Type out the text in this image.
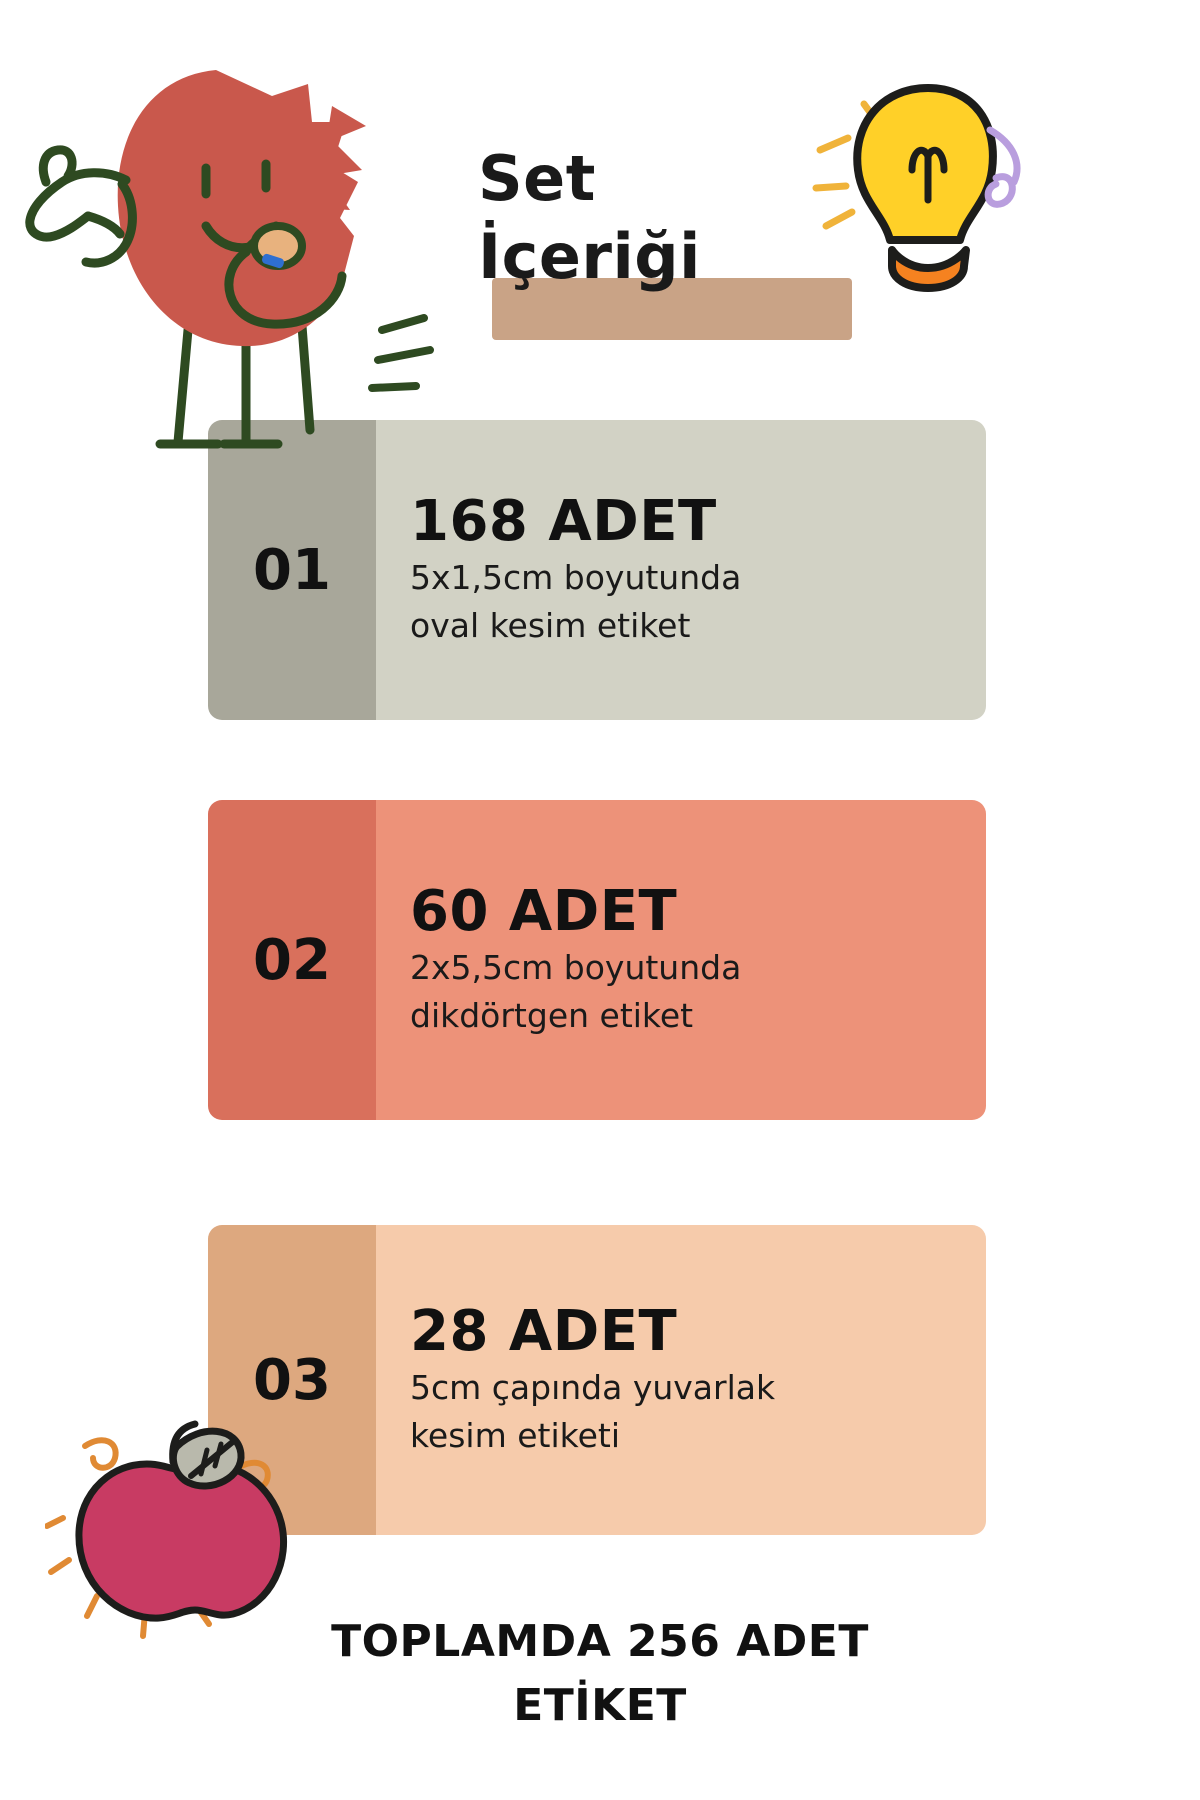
Set
İçeriği
01
168 ADET
5x1,5cm boyutunda
oval kesim etiket
02
60 ADET
2x5,5cm boyutunda
dikdörtgen etiket
03
28 ADET
5cm çapında yuvarlak
kesim etiketi
TOPLAMDA 256 ADET
ETİKET
